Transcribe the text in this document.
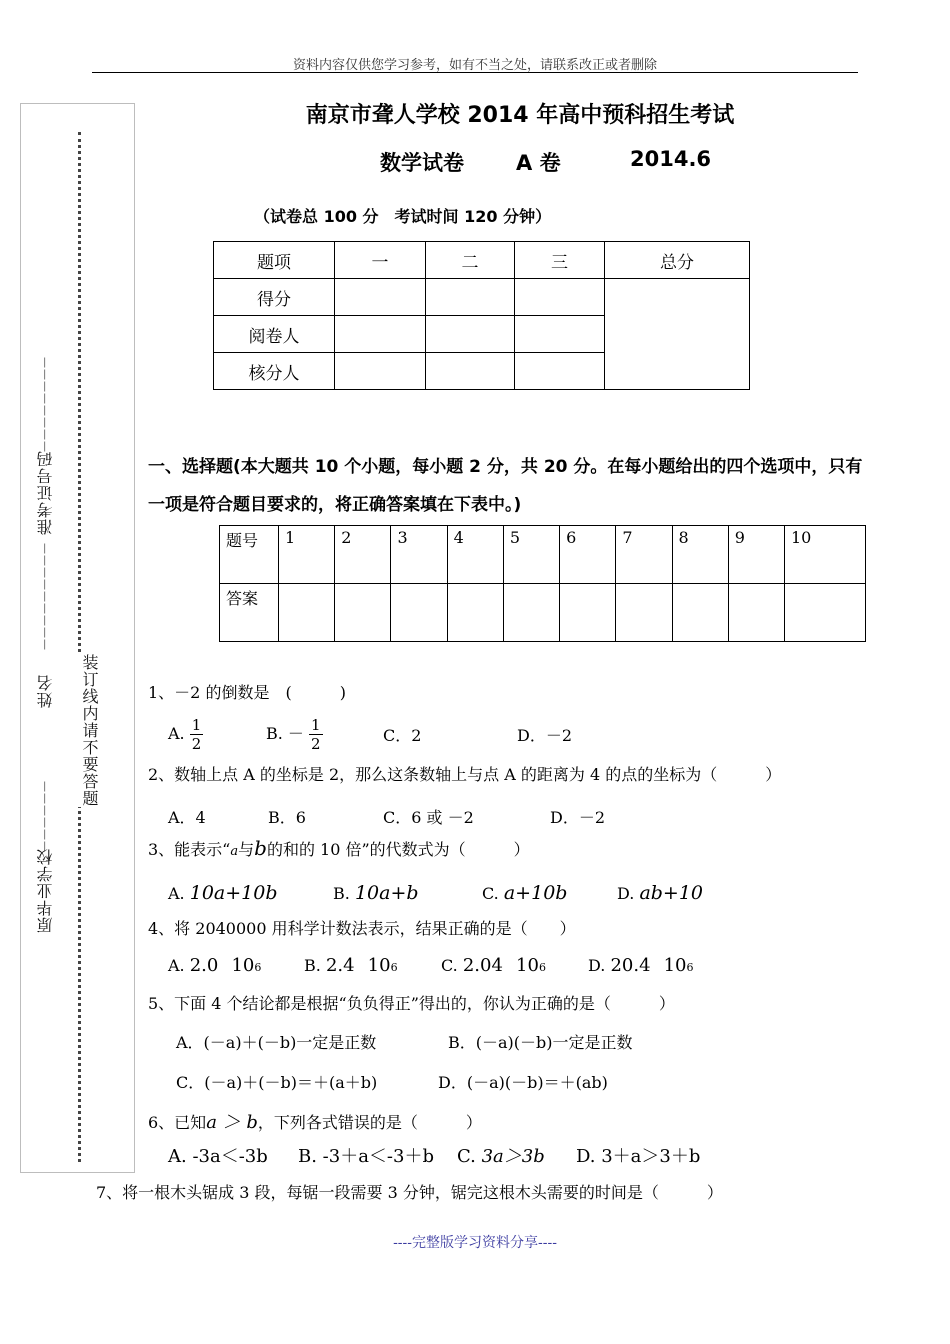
资料内容仅供您学习参考，如有不当之处，请联系改正或者删除
南京市聋人学校 2014 年高中预科招生考试
数学试卷 A 卷	2014.6
（试卷总 100 分　考试时间 120 分钟）
题项	一	二	三	总分
得分				
阅卷人				
核分人				
一、选择题(本大题共 10 个小题，每小题 2 分，共 20 分。在每小题给出的四个选项中，只有一项是符合题目要求的，将正确答案填在下表中。)
题号	1	2	3	4	5	6	7	8	9	10
答案										
1、－2 的倒数是　(　　　)
A. $\frac{1}{2}$	B. － $\frac{1}{2}$	C．2	D．－2
2、数轴上点 A 的坐标是 2，那么这条数轴上与点 A 的距离为 4 的点的坐标为（　　　）
A．4	B．6	C．6 或 －2	D．－2
3、能表示“a与b的和的 10 倍”的代数式为（　　　）
A. 10a+10b	B. 10a+b	C. a+10b	D. ab+10
4、将 2040000 用科学计数法表示，结果正确的是（　　）
A. 2.0 106	B. 2.4 106	C. 2.04 106	D. 20.4 106
5、下面 4 个结论都是根据“负负得正”得出的，你认为正确的是（　　　）
A．(－a)＋(－b)一定是正数	B．(－a)(－b)一定是正数
C．(－a)＋(－b)＝＋(a＋b)	D．(－a)(－b)＝＋(ab)
6、已知a ＞ b，下列各式错误的是（　　　）
A. -3a＜-3b B. -3＋a＜-3＋b C. 3a＞3b D. 3＋a＞3＋b
7、将一根木头锯成 3 段，每锯一段需要 3 分钟，锯完这根木头需要的时间是（　　　）
－－－－－－－－
准考证号码
－－－－－－－－－
姓名
－－－－－－
原毕业学校
装订线内请不要答题
----完整版学习资料分享----
